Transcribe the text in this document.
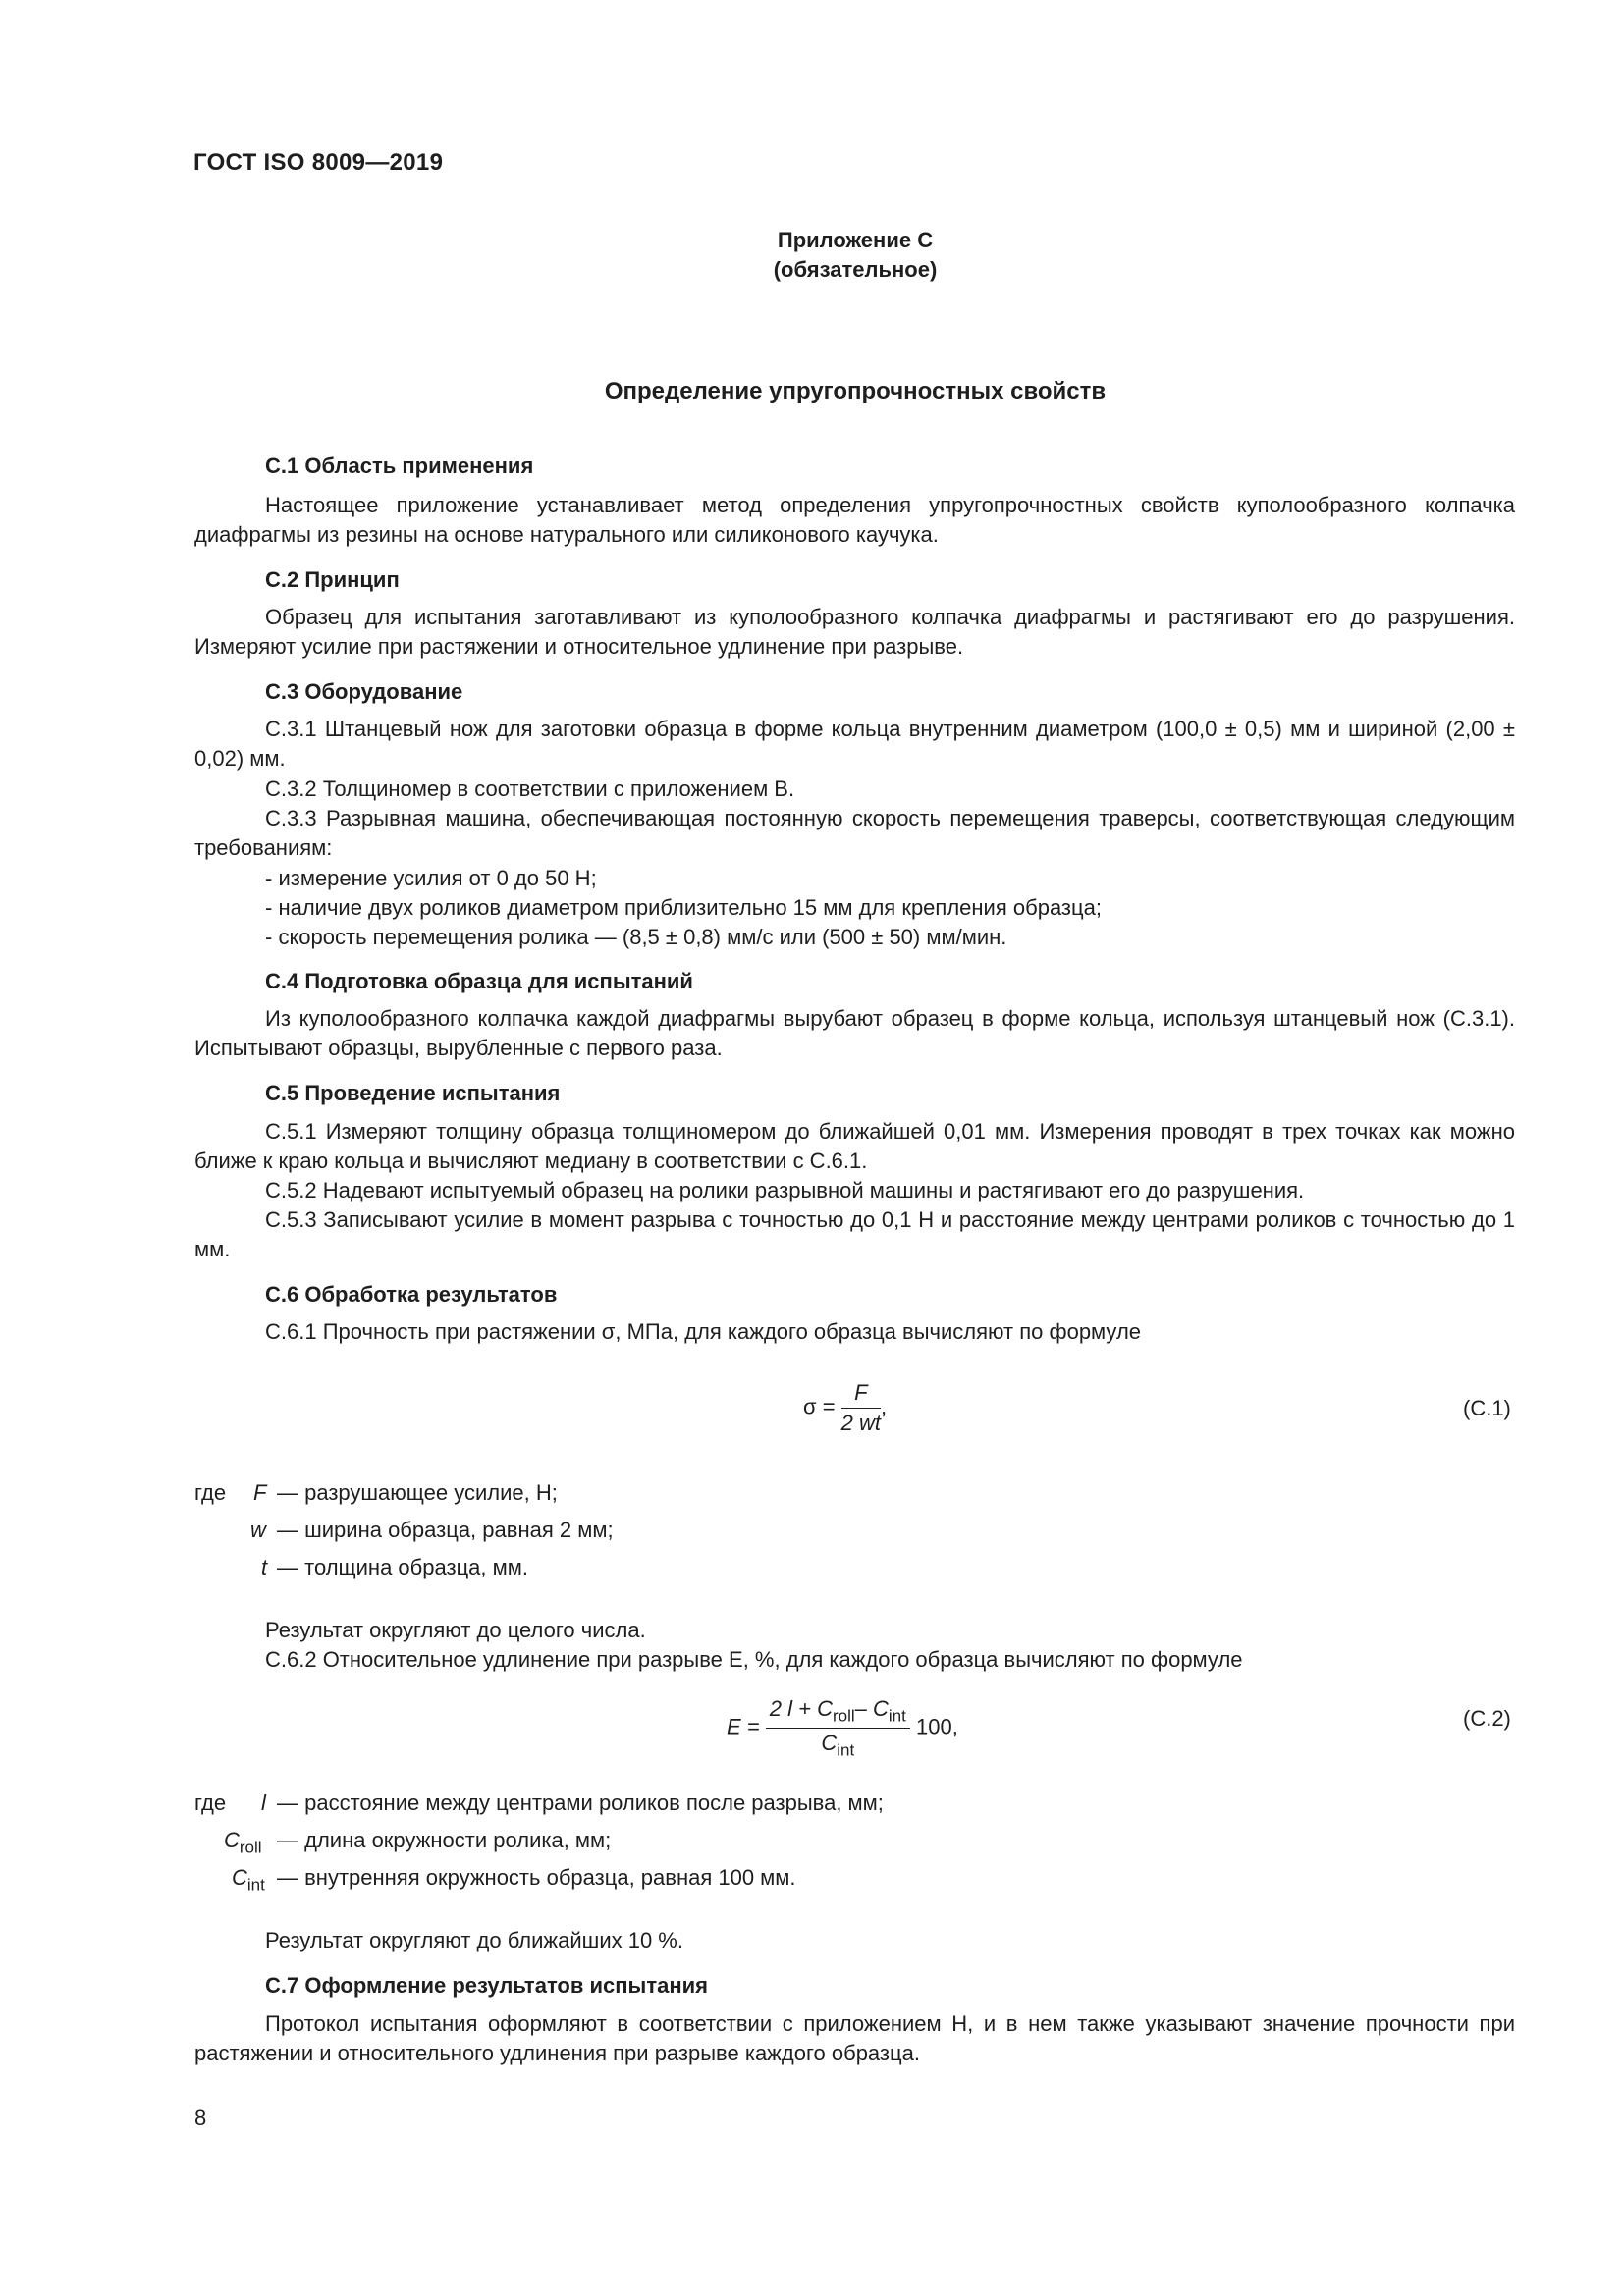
ГОСТ ISO 8009—2019
Приложение С
(обязательное)
Определение упругопрочностных свойств
С.1 Область применения
Настоящее приложение устанавливает метод определения упругопрочностных свойств куполообразного колпачка диафрагмы из резины на основе натурального или силиконового каучука.
С.2 Принцип
Образец для испытания заготавливают из куполообразного колпачка диафрагмы и растягивают его до разрушения. Измеряют усилие при растяжении и относительное удлинение при разрыве.
С.3 Оборудование
С.3.1 Штанцевый нож для заготовки образца в форме кольца внутренним диаметром (100,0 ± 0,5) мм и шириной (2,00 ± 0,02) мм.
С.3.2 Толщиномер в соответствии с приложением В.
С.3.3 Разрывная машина, обеспечивающая постоянную скорость перемещения траверсы, соответствующая следующим требованиям:
- измерение усилия от 0 до 50 Н;
- наличие двух роликов диаметром приблизительно 15 мм для крепления образца;
- скорость перемещения ролика — (8,5 ± 0,8) мм/с или (500 ± 50) мм/мин.
С.4 Подготовка образца для испытаний
Из куполообразного колпачка каждой диафрагмы вырубают образец в форме кольца, используя штанцевый нож (С.3.1). Испытывают образцы, вырубленные с первого раза.
С.5 Проведение испытания
С.5.1 Измеряют толщину образца толщиномером до ближайшей 0,01 мм. Измерения проводят в трех точках как можно ближе к краю кольца и вычисляют медиану в соответствии с С.6.1.
С.5.2 Надевают испытуемый образец на ролики разрывной машины и растягивают его до разрушения.
С.5.3 Записывают усилие в момент разрыва с точностью до 0,1 Н и расстояние между центрами роликов с точностью до 1 мм.
С.6 Обработка результатов
С.6.1 Прочность при растяжении σ, МПа, для каждого образца вычисляют по формуле
$\sigma = \frac{F}{2 wt}$ ,	(С.1)
где F — разрушающее усилие, Н;
w — ширина образца, равная 2 мм;
t — толщина образца, мм.
Результат округляют до целого числа.
С.6.2 Относительное удлинение при разрыве E, %, для каждого образца вычисляют по формуле
$E = \frac{2 l + C_{roll}- C_{int}}{C_{int}} 100$,	(С.2)
где l — расстояние между центрами роликов после разрыва, мм;
$C_{roll}$ — длина окружности ролика, мм;
$C_{int}$ — внутренняя окружность образца, равная 100 мм.
Результат округляют до ближайших 10 %.
С.7 Оформление результатов испытания
Протокол испытания оформляют в соответствии с приложением Н, и в нем также указывают значение прочности при растяжении и относительного удлинения при разрыве каждого образца.
8
